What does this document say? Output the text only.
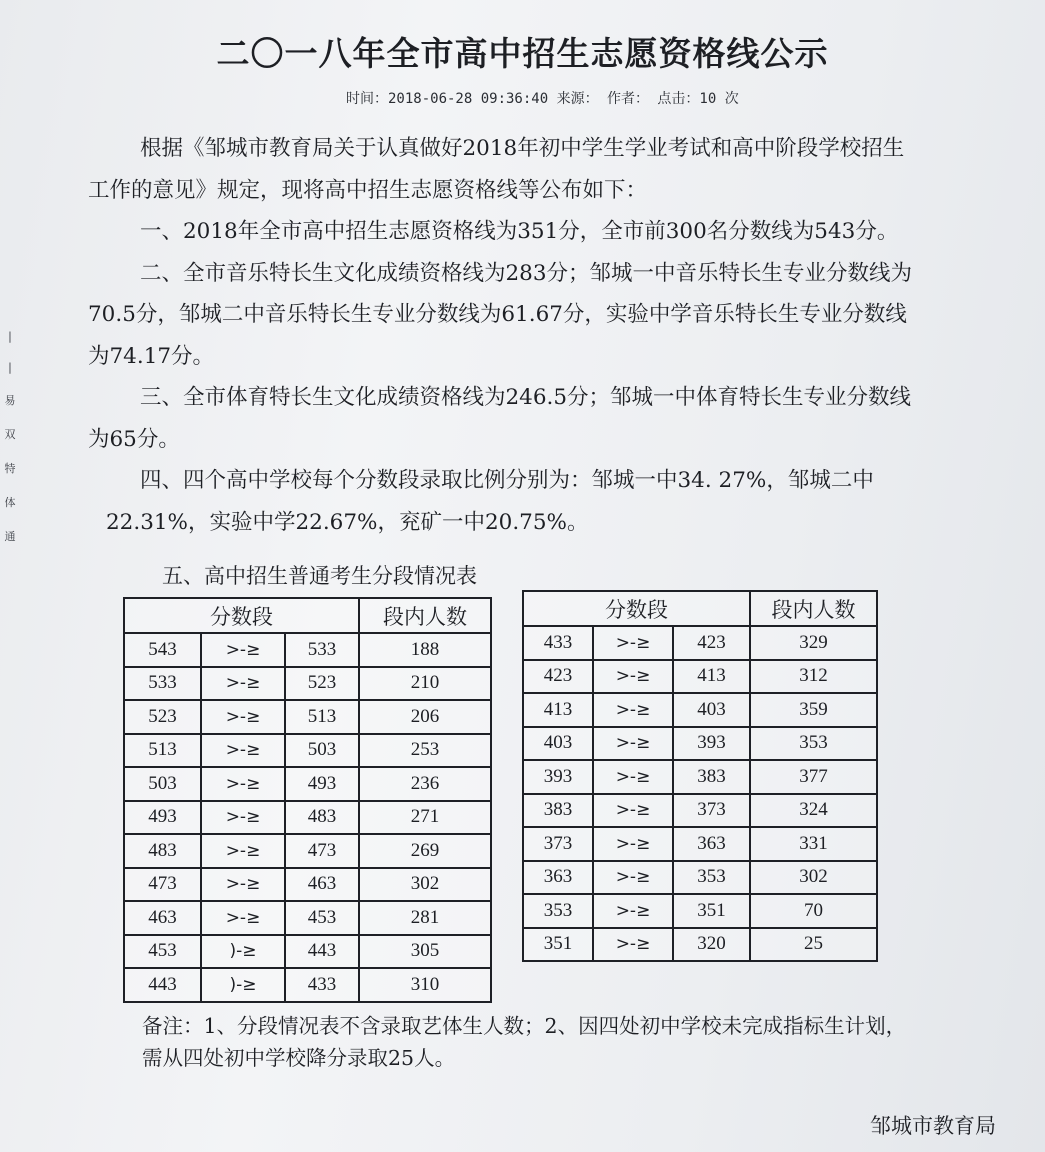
|
|
易
双
特
体
通
二〇一八年全市高中招生志愿资格线公示
时间：2018-06-28 09:36:40 来源： 作者： 点击：10 次

根据《邹城市教育局关于认真做好2018年初中学生学业考试和高中阶段学校招生

工作的意见》规定，现将高中招生志愿资格线等公布如下：

一、2018年全市高中招生志愿资格线为351分，全市前300名分数线为543分。

二、全市音乐特长生文化成绩资格线为283分；邹城一中音乐特长生专业分数线为

70.5分，邹城二中音乐特长生专业分数线为61.67分，实验中学音乐特长生专业分数线

为74.17分。

三、全市体育特长生文化成绩资格线为246.5分；邹城一中体育特长生专业分数线

为65分。

四、四个高中学校每个分数段录取比例分别为：邹城一中34. 27%，邹城二中

22.31%，实验中学22.67%，兖矿一中20.75%。

五、高中招生普通考生分段情况表
分数段			段内人数
543	>-≥	533	188
533	>-≥	523	210
523	>-≥	513	206
513	>-≥	503	253
503	>-≥	493	236
493	>-≥	483	271
483	>-≥	473	269
473	>-≥	463	302
463	>-≥	453	281
453	)-≥	443	305
443	)-≥	433	310
分数段			段内人数
433	>-≥	423	329
423	>-≥	413	312
413	>-≥	403	359
403	>-≥	393	353
393	>-≥	383	377
383	>-≥	373	324
373	>-≥	363	331
363	>-≥	353	302
353	>-≥	351	70
351	>-≥	320	25
备注：1、分段情况表不含录取艺体生人数；2、因四处初中学校未完成指标生计划，
需从四处初中学校降分录取25人。
邹城市教育局
